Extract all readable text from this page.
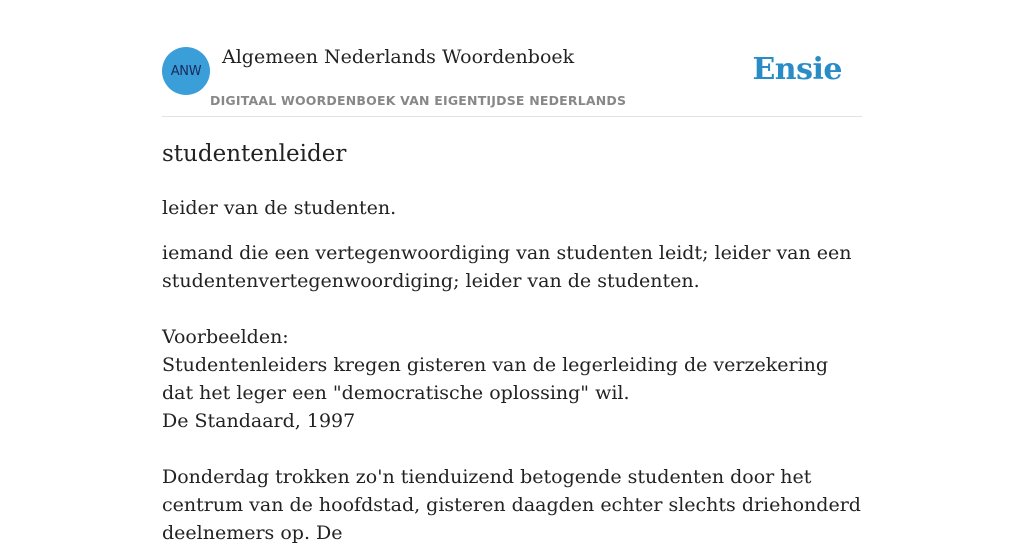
ANW
Algemeen Nederlands Woordenboek
DIGITAAL WOORDENBOEK VAN EIGENTIJDSE NEDERLANDS
Ensie
studentenleider

leider van de studenten.

iemand die een vertegenwoordiging van studenten leidt; leider van een studentenvertegenwoordiging; leider van de studenten.

Voorbeelden:

Studentenleiders kregen gisteren van de legerleiding de verzekering dat het leger een "democratische oplossing" wil.

De Standaard, 1997

Donderdag trokken zo'n tienduizend betogende studenten door het centrum van de hoofdstad, gisteren daagden echter slechts driehonderd deelnemers op. De
